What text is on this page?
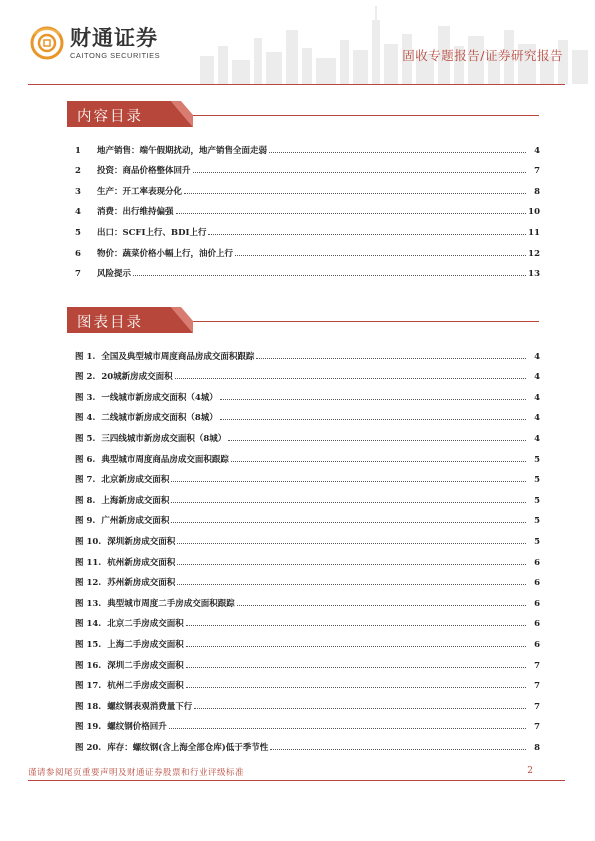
财通证券
CAITONG SECURITIES	固收专题报告/证券研究报告
内容目录
1	地产销售：端午假期扰动，地产销售全面走弱	4
2	投资：商品价格整体回升	7
3	生产：开工率表现分化	8
4	消费：出行维持偏强	10
5	出口：SCFI上行、BDI上行	11
6	物价：蔬菜价格小幅上行，油价上行	12
7	风险提示	13
图表目录
图 1. 全国及典型城市周度商品房成交面积跟踪	4
图 2. 20城新房成交面积	4
图 3. 一线城市新房成交面积（4城）	4
图 4. 二线城市新房成交面积（8城）	4
图 5. 三四线城市新房成交面积（8城）	4
图 6. 典型城市周度商品房成交面积跟踪	5
图 7. 北京新房成交面积	5
图 8. 上海新房成交面积	5
图 9. 广州新房成交面积	5
图 10. 深圳新房成交面积	5
图 11. 杭州新房成交面积	6
图 12. 苏州新房成交面积	6
图 13. 典型城市周度二手房成交面积跟踪	6
图 14. 北京二手房成交面积	6
图 15. 上海二手房成交面积	6
图 16. 深圳二手房成交面积	7
图 17. 杭州二手房成交面积	7
图 18. 螺纹钢表观消费量下行	7
图 19. 螺纹钢价格回升	7
图 20. 库存：螺纹钢(含上海全部仓库)低于季节性	8
谨请参阅尾页重要声明及财通证券股票和行业评级标准	2
